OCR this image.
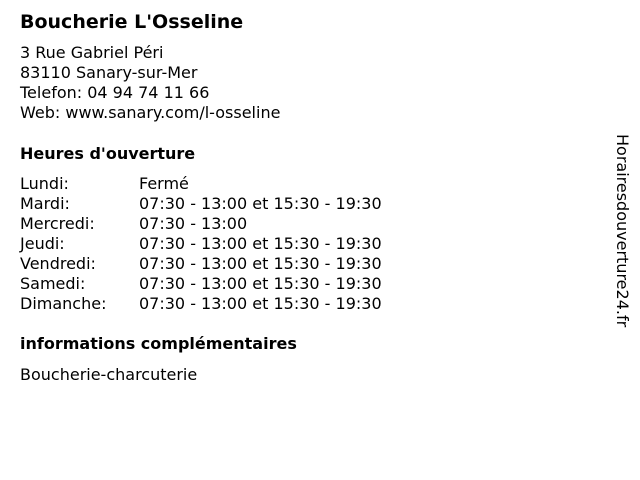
Boucherie L'Osseline
3 Rue Gabriel Péri
83110 Sanary-sur-Mer
Telefon: 04 94 74 11 66
Web: www.sanary.com/l-osseline
Heures d'ouverture
Lundi:	Fermé
Mardi:	07:30 - 13:00 et 15:30 - 19:30
Mercredi:	07:30 - 13:00
Jeudi:	07:30 - 13:00 et 15:30 - 19:30
Vendredi:	07:30 - 13:00 et 15:30 - 19:30
Samedi:	07:30 - 13:00 et 15:30 - 19:30
Dimanche:	07:30 - 13:00 et 15:30 - 19:30
informations complémentaires
Boucherie-charcuterie
Horairesdouverture24.fr
